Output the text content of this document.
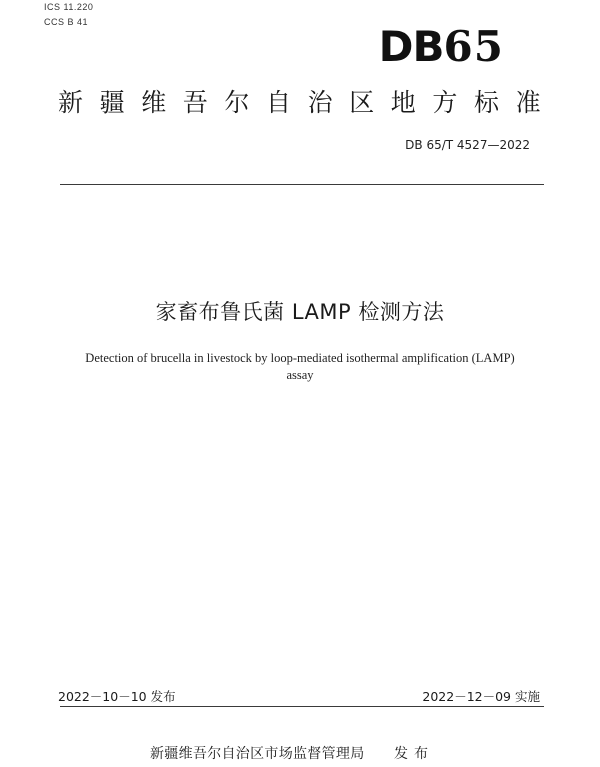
ICS 11.220
CCS B 41	DB65
新疆维吾尔自治区地方标准
DB 65/T 4527—2022
家畜布鲁氏菌 LAMP 检测方法
Detection of brucella in livestock by loop-mediated isothermal amplification (LAMP)
assay
2022－10－10 发布	2022－12－09 实施
新疆维吾尔自治区市场监督管理局 发布
